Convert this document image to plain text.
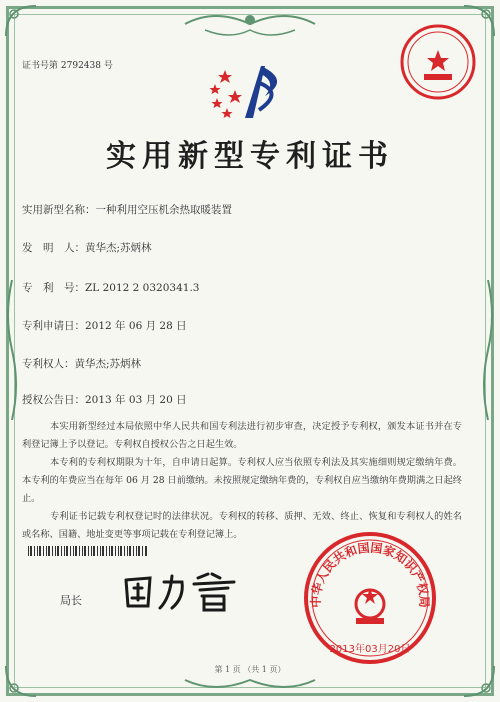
证书号第 2792438 号
实用新型专利证书
实用新型名称：一种利用空压机余热取暖装置
发　明　人：黄华杰;苏炳林
专　利　号：ZL 2012 2 0320341.3
专利申请日：2012 年 06 月 28 日
专利权人：黄华杰;苏炳林
授权公告日：2013 年 03 月 20 日

本实用新型经过本局依照中华人民共和国专利法进行初步审查，决定授予专利权，颁发本证书并在专利登记簿上予以登记。专利权自授权公告之日起生效。

本专利的专利权期限为十年，自申请日起算。专利权人应当依照专利法及其实施细则规定缴纳年费。本专利的年费应当在每年 06 月 28 日前缴纳。未按照规定缴纳年费的，专利权自应当缴纳年费期满之日起终止。

专利证书记载专利权登记时的法律状况。专利权的转移、质押、无效、终止、恢复和专利权人的姓名或名称、国籍、地址变更等事项记载在专利登记簿上。

局长	中华人民共和国国家知识产权局
2013年03月20日
第 1 页 （共 1 页）
